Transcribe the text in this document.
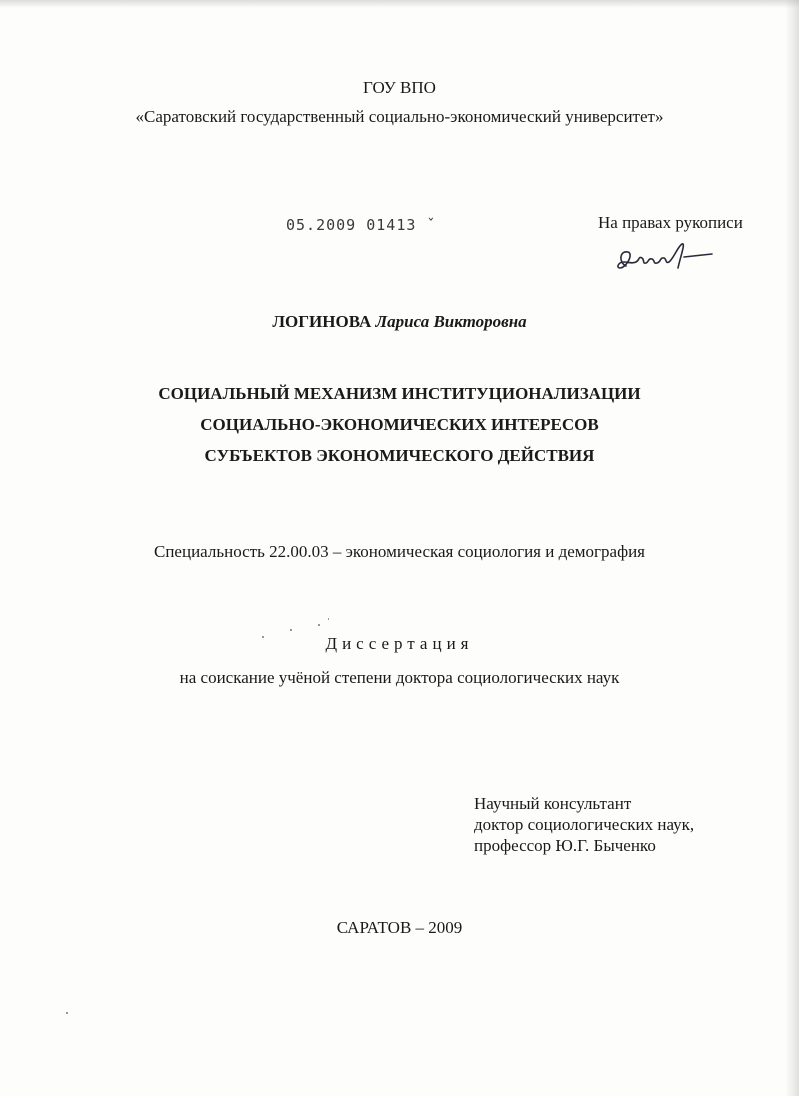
ГОУ ВПО
«Саратовский государственный социально-экономический университет»
05.2009 01413 ˇ	На правах рукописи
ЛОГИНОВА Лариса Викторовна
СОЦИАЛЬНЫЙ МЕХАНИЗМ ИНСТИТУЦИОНАЛИЗАЦИИ
СОЦИАЛЬНО-ЭКОНОМИЧЕСКИХ ИНТЕРЕСОВ
СУБЪЕКТОВ ЭКОНОМИЧЕСКОГО ДЕЙСТВИЯ
Специальность 22.00.03 – экономическая социология и демография
Диссертация
на соискание учёной степени доктора социологических наук
Научный консультант
доктор социологических наук,
профессор Ю.Г. Быченко
САРАТОВ – 2009
